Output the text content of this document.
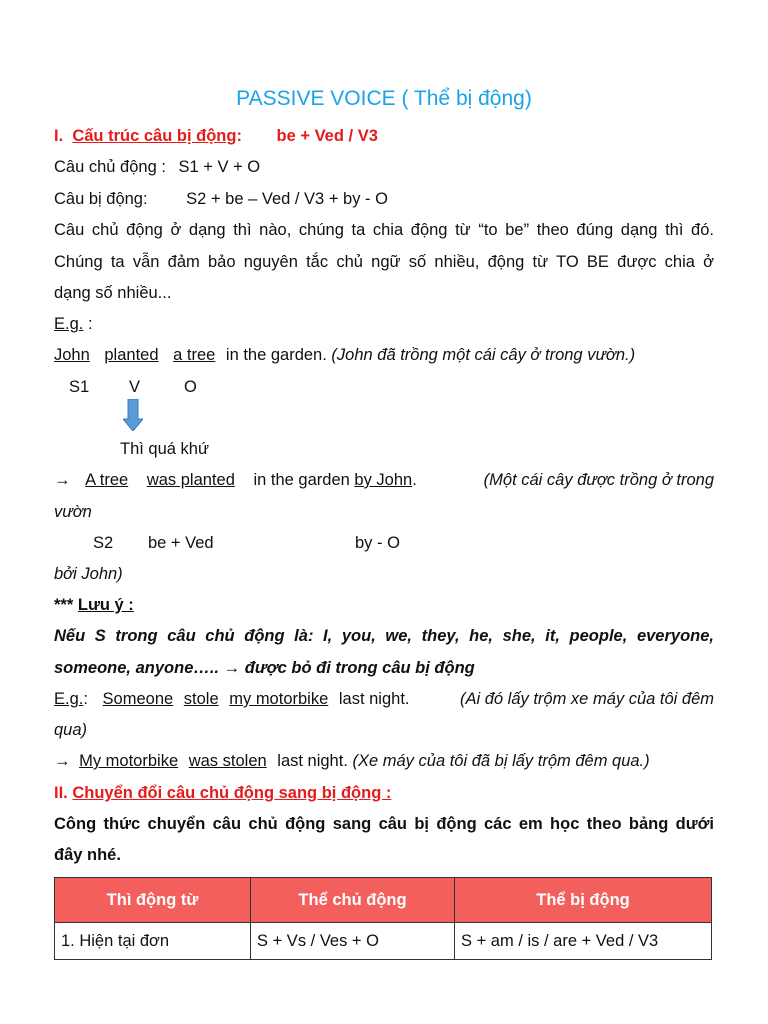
PASSIVE VOICE ( Thể bị động)
I. Cấu trúc câu bị động: be + Ved / V3
Câu chủ động : S1 + V + O
Câu bị động: S2 + be – Ved / V3 + by - O
Câu chủ động ở dạng thì nào, chúng ta chia động từ “to be” theo đúng dạng thì đó.
Chúng ta vẫn đảm bảo nguyên tắc chủ ngữ số nhiều, động từ TO BE được chia ở
dạng số nhiều...
E.g. :
John planted a tree in the garden. (John đã trồng một cái cây ở trong vườn.)
S1 V	O
Thì quá khứ
→ A tree was planted in the garden by John.	(Một cái cây được trồng ở trong
vườn
S2 be + Ved	by - O
bởi John)
*** Lưu ý :
Nếu S trong câu chủ động là: I, you, we, they, he, she, it, people, everyone,
someone, anyone….. → được bỏ đi trong câu bị động
E.g.: Someone stole my motorbike last night.	(Ai đó lấy trộm xe máy của tôi đêm
qua)
→ My motorbike was stolen last night. (Xe máy của tôi đã bị lấy trộm đêm qua.)
II. Chuyển đổi câu chủ động sang bị động :
Công thức chuyển câu chủ động sang câu bị động các em học theo bảng dưới
đây nhé.
Thì động từ	Thể chủ động	Thể bị động
1. Hiện tại đơn	S + Vs / Ves + O	S + am / is / are + Ved / V3
